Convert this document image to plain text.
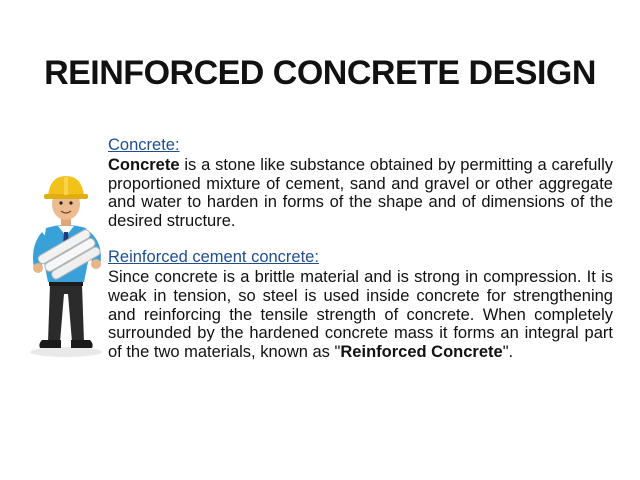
REINFORCED CONCRETE DESIGN
Concrete:

Concrete is a stone like substance obtained by permitting a carefully proportioned mixture of cement, sand and gravel or other aggregate and water to harden in forms of the shape and of dimensions of the desired structure.

Reinforced cement concrete:

Since concrete is a brittle material and is strong in compression. It is weak in tension, so steel is used inside concrete for strengthening and reinforcing the tensile strength of concrete. When completely surrounded by the hardened concrete mass it forms an integral part of the two materials, known as "Reinforced Concrete".
